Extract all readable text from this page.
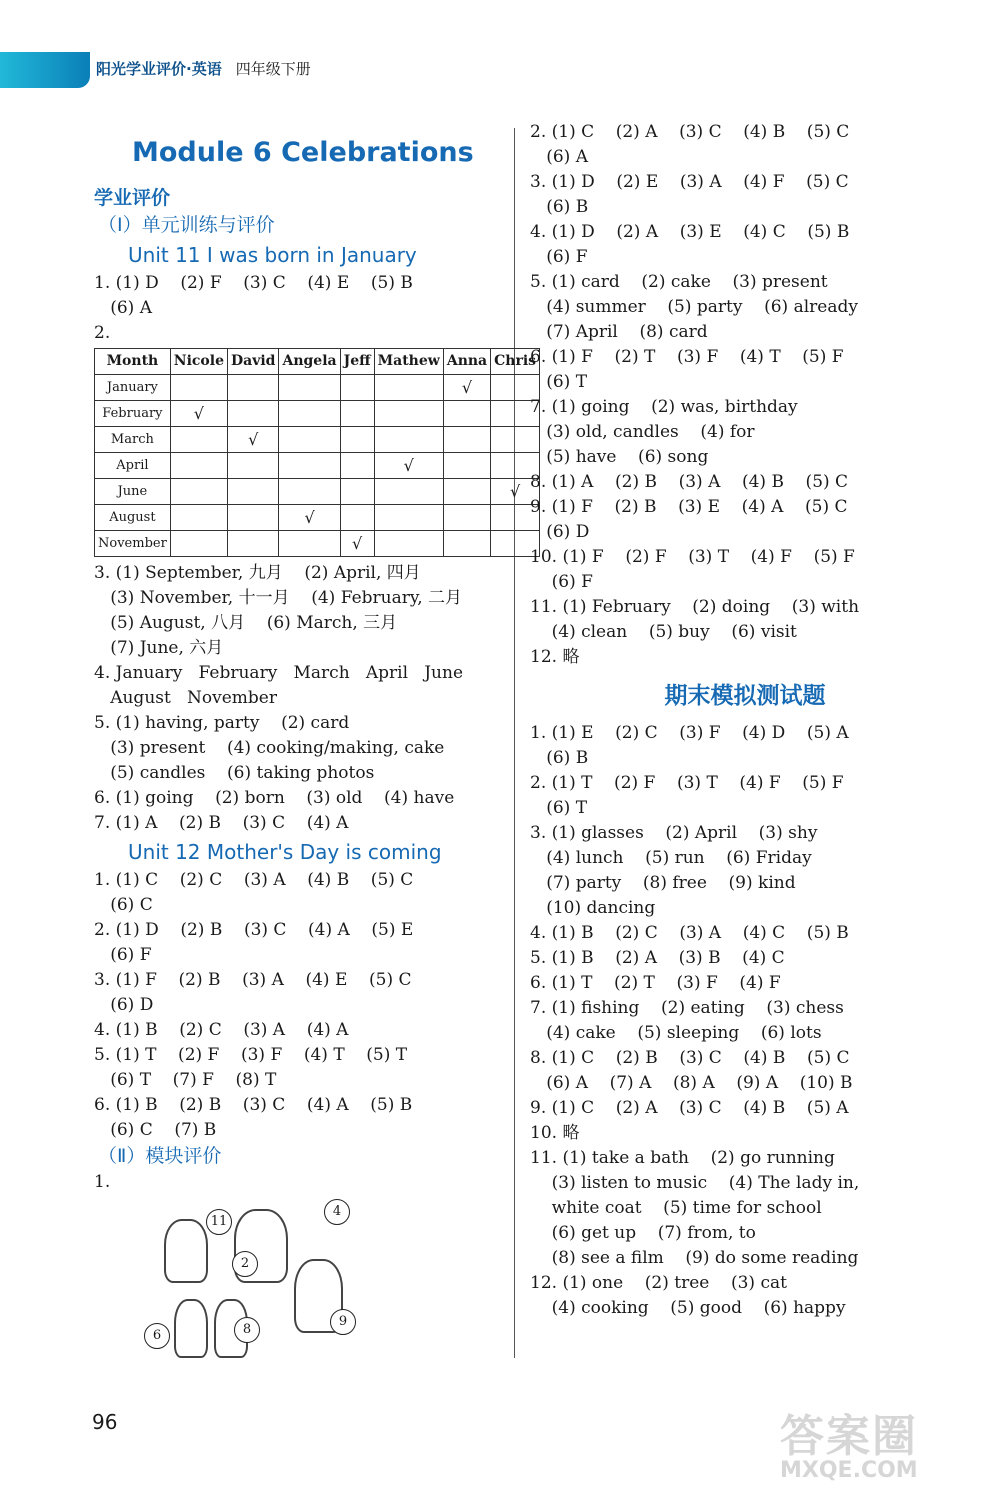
阳光学业评价·英语 四年级下册
Module 6 Celebrations
学业评价
（Ⅰ）单元训练与评价
Unit 11 I was born in January
1. (1) D    (2) F    (3) C    (4) E    (5) B
(6) A
2.
Month	Nicole	David	Angela	Jeff	Mathew	Anna	Chris
January						√	
February	√						
March		√					
April					√		
June							√
August			√				
November				√			
3. (1) September, 九月    (2) April, 四月
(3) November, 十一月    (4) February, 二月
(5) August, 八月    (6) March, 三月
(7) June, 六月
4. January   February   March   April   June
August   November
5. (1) having, party    (2) card
(3) present    (4) cooking/making, cake
(5) candles    (6) taking photos
6. (1) going    (2) born    (3) old    (4) have
7. (1) A    (2) B    (3) C    (4) A
Unit 12 Mother's Day is coming
1. (1) C    (2) C    (3) A    (4) B    (5) C
(6) C
2. (1) D    (2) B    (3) C    (4) A    (5) E
(6) F
3. (1) F    (2) B    (3) A    (4) E    (5) C
(6) D
4. (1) B    (2) C    (3) A    (4) A
5. (1) T    (2) F    (3) F    (4) T    (5) T
(6) T    (7) F    (8) T
6. (1) B    (2) B    (3) C    (4) A    (5) B
(6) C    (7) B
（Ⅱ）模块评价
1.
11
2
4
6	8
9
2. (1) C    (2) A    (3) C    (4) B    (5) C
(6) A
3. (1) D    (2) E    (3) A    (4) F    (5) C
(6) B
4. (1) D    (2) A    (3) E    (4) C    (5) B
(6) F
5. (1) card    (2) cake    (3) present
(4) summer    (5) party    (6) already
(7) April    (8) card
6. (1) F    (2) T    (3) F    (4) T    (5) F
(6) T
7. (1) going    (2) was, birthday
(3) old, candles    (4) for
(5) have    (6) song
8. (1) A    (2) B    (3) A    (4) B    (5) C
9. (1) F    (2) B    (3) E    (4) A    (5) C
(6) D
10. (1) F    (2) F    (3) T    (4) F    (5) F
(6) F
11. (1) February    (2) doing    (3) with
(4) clean    (5) buy    (6) visit
12. 略
期末模拟测试题
1. (1) E    (2) C    (3) F    (4) D    (5) A
(6) B
2. (1) T    (2) F    (3) T    (4) F    (5) F
(6) T
3. (1) glasses    (2) April    (3) shy
(4) lunch    (5) run    (6) Friday
(7) party    (8) free    (9) kind
(10) dancing
4. (1) B    (2) C    (3) A    (4) C    (5) B
5. (1) B    (2) A    (3) B    (4) C
6. (1) T    (2) T    (3) F    (4) F
7. (1) fishing    (2) eating    (3) chess
(4) cake    (5) sleeping    (6) lots
8. (1) C    (2) B    (3) C    (4) B    (5) C
(6) A    (7) A    (8) A    (9) A    (10) B
9. (1) C    (2) A    (3) C    (4) B    (5) A
10. 略
11. (1) take a bath    (2) go running
(3) listen to music    (4) The lady in,
white coat    (5) time for school
(6) get up    (7) from, to
(8) see a film    (9) do some reading
12. (1) one    (2) tree    (3) cat
(4) cooking    (5) good    (6) happy
96	答案圈
MXQE.COM
